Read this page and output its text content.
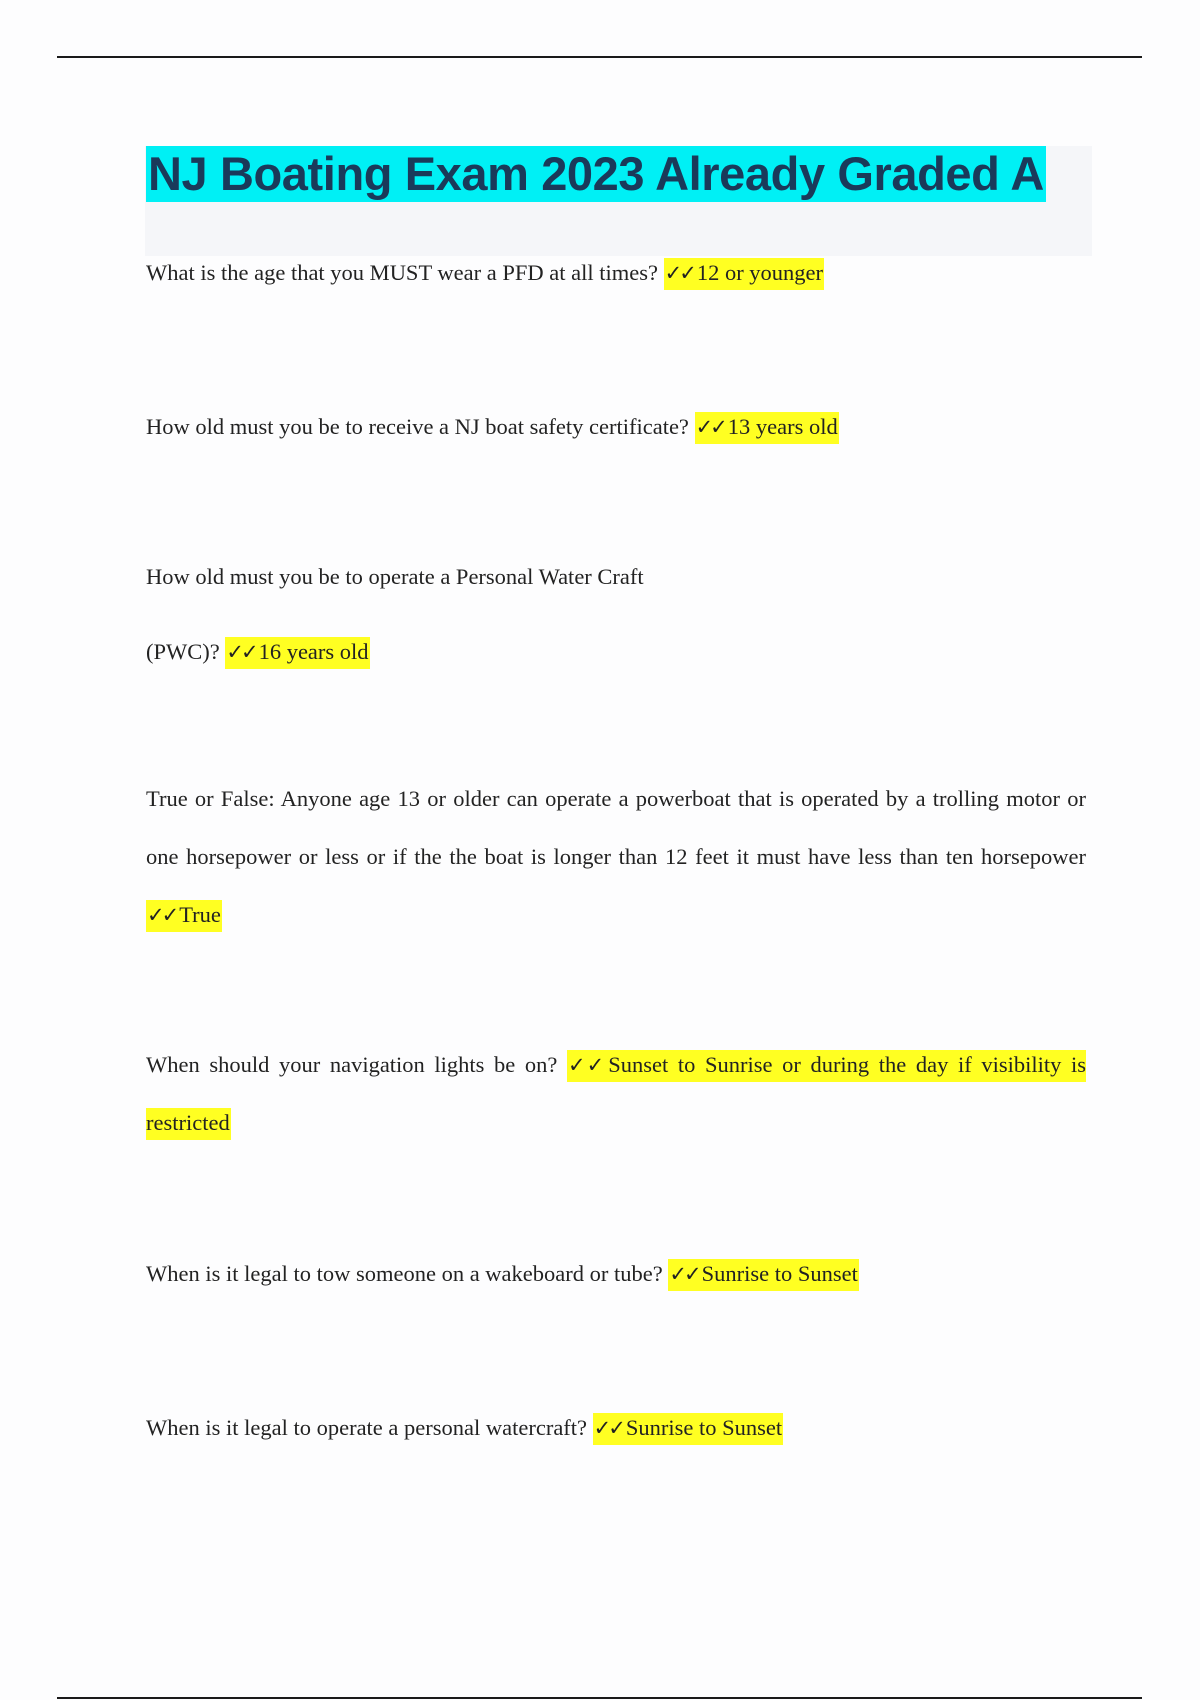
NJ Boating Exam 2023 Already Graded A

What is the age that you MUST wear a PFD at all times? ✓✓ 12 or younger

How old must you be to receive a NJ boat safety certificate? ✓✓ 13 years old

How old must you be to operate a Personal Water Craft

(PWC)? ✓✓ 16 years old

True or False: Anyone age 13 or older can operate a powerboat that is operated by a trolling motor or one horsepower or less or if the the boat is longer than 12 feet it must have less than ten horsepower ✓✓ True

When should your navigation lights be on? ✓✓ Sunset to Sunrise or during the day if visibility is restricted

When is it legal to tow someone on a wakeboard or tube? ✓✓ Sunrise to Sunset

When is it legal to operate a personal watercraft? ✓✓ Sunrise to Sunset
